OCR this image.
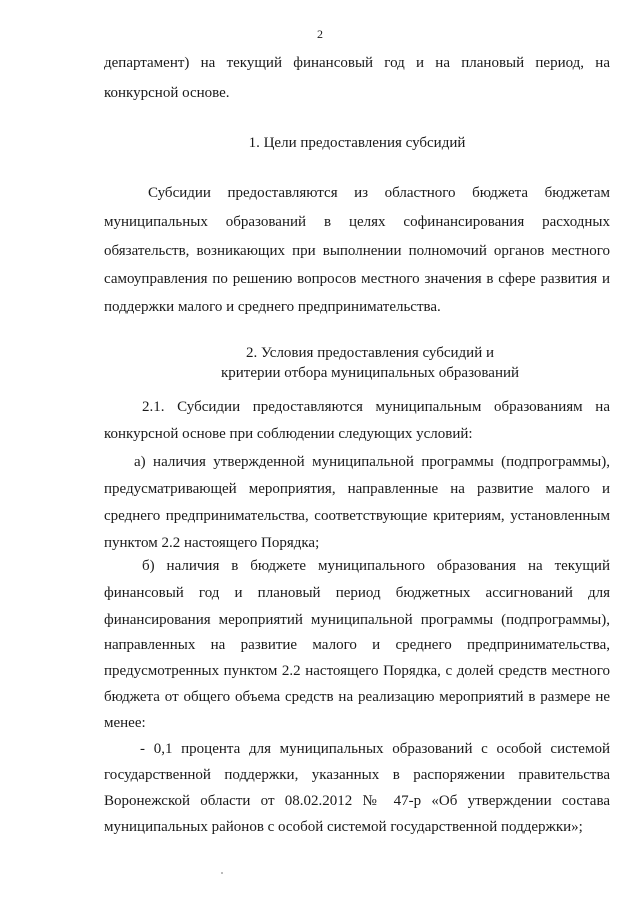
2
департамент) на текущий финансовый год и на плановый период, на
конкурсной основе.
1. Цели предоставления субсидий
Субсидии предоставляются из областного бюджета бюджетам
муниципальных образований в целях софинансирования расходных
обязательств, возникающих при выполнении полномочий органов местного
самоуправления по решению вопросов местного значения в сфере развития и
поддержки малого и среднего предпринимательства.
2. Условия предоставления субсидий и
критерии отбора муниципальных образований
2.1. Субсидии предоставляются муниципальным образованиям на
конкурсной основе при соблюдении следующих условий:
а) наличия утвержденной муниципальной программы (подпрограммы),
предусматривающей мероприятия, направленные на развитие малого и
среднего предпринимательства, соответствующие критериям, установленным
пунктом 2.2 настоящего Порядка;
б) наличия в бюджете муниципального образования на текущий
финансовый год и плановый период бюджетных ассигнований для
финансирования мероприятий муниципальной программы (подпрограммы),
направленных на развитие малого и среднего предпринимательства,
предусмотренных пунктом 2.2 настоящего Порядка, с долей средств местного
бюджета от общего объема средств на реализацию мероприятий в размере не
менее:
- 0,1 процента для муниципальных образований с особой системой
государственной поддержки, указанных в распоряжении правительства
Воронежской области от 08.02.2012 № 47-р «Об утверждении состава
муниципальных районов с особой системой государственной поддержки»;
